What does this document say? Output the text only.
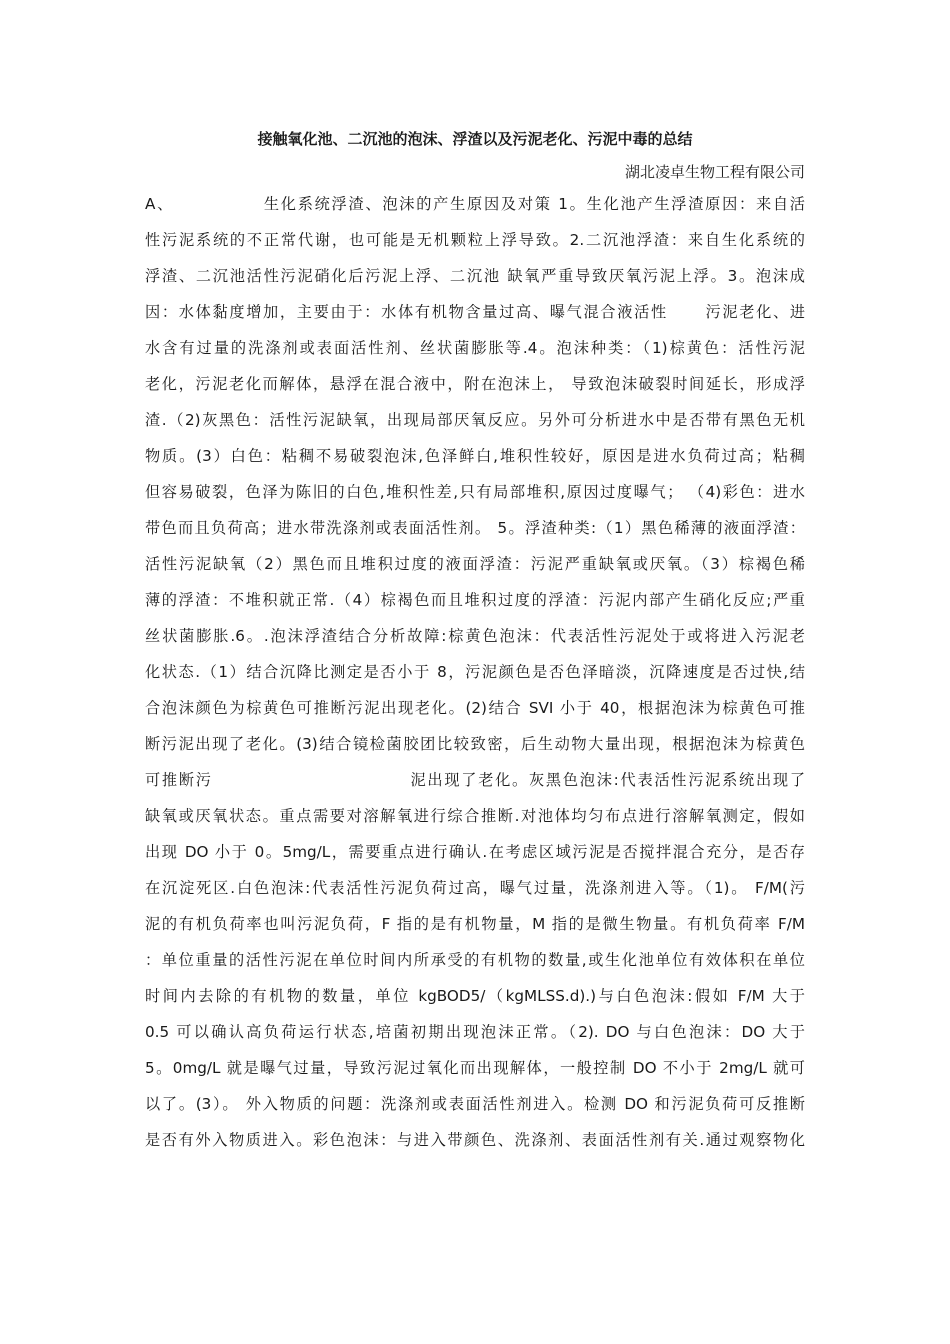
接触氧化池、二沉池的泡沫、浮渣以及污泥老化、污泥中毒的总结
湖北凌卓生物工程有限公司
A、	生化系统浮渣、泡沫的产生原因及对策 1。生化池产生浮渣原因：来自活
性污泥系统的不正常代谢，也可能是无机颗粒上浮导致。2.二沉池浮渣：来自生化系统的
浮渣、二沉池活性污泥硝化后污泥上浮、二沉池 缺氧严重导致厌氧污泥上浮。3。泡沫成
因：水体黏度增加，主要由于：水体有机物含量过高、曝气混合液活性 污泥老化、进
水含有过量的洗涤剂或表面活性剂、丝状菌膨胀等.4。泡沫种类：（1)棕黄色：活性污泥
老化，污泥老化而解体，悬浮在混合液中，附在泡沫上， 导致泡沫破裂时间延长，形成浮
渣.（2)灰黑色：活性污泥缺氧，出现局部厌氧反应。另外可分析进水中是否带有黑色无机
物质。(3）白色：粘稠不易破裂泡沫,色泽鲜白,堆积性较好，原因是进水负荷过高；粘稠
但容易破裂，色泽为陈旧的白色,堆积性差,只有局部堆积,原因过度曝气； （4)彩色：进水
带色而且负荷高；进水带洗涤剂或表面活性剂。 5。浮渣种类:（1）黑色稀薄的液面浮渣：
活性污泥缺氧（2）黑色而且堆积过度的液面浮渣：污泥严重缺氧或厌氧。（3）棕褐色稀
薄的浮渣：不堆积就正常.（4）棕褐色而且堆积过度的浮渣：污泥内部产生硝化反应;严重
丝状菌膨胀.6。.泡沫浮渣结合分析故障:棕黄色泡沫：代表活性污泥处于或将进入污泥老
化状态.（1）结合沉降比测定是否小于 8，污泥颜色是否色泽暗淡，沉降速度是否过快,结
合泡沫颜色为棕黄色可推断污泥出现老化。(2)结合 SVI 小于 40，根据泡沫为棕黄色可推
断污泥出现了老化。(3)结合镜检菌胶团比较致密，后生动物大量出现，根据泡沫为棕黄色
可推断污	泥出现了老化。灰黑色泡沫:代表活性污泥系统出现了
缺氧或厌氧状态。重点需要对溶解氧进行综合推断.对池体均匀布点进行溶解氧测定，假如
出现 DO 小于 0。5mg/L，需要重点进行确认.在考虑区域污泥是否搅拌混合充分，是否存
在沉淀死区.白色泡沫:代表活性污泥负荷过高，曝气过量，洗涤剂进入等。（1)。 F/M(污
泥的有机负荷率也叫污泥负荷，F 指的是有机物量，M 指的是微生物量。有机负荷率 F/M
：单位重量的活性污泥在单位时间内所承受的有机物的数量,或生化池单位有效体积在单位
时间内去除的有机物的数量，单位 kgBOD5/（kgMLSS.d).)与白色泡沫:假如 F/M 大于
0.5 可以确认高负荷运行状态,培菌初期出现泡沫正常。（2). DO 与白色泡沫：DO 大于
5。0mg/L 就是曝气过量，导致污泥过氧化而出现解体，一般控制 DO 不小于 2mg/L 就可
以了。(3）。 外入物质的问题：洗涤剂或表面活性剂进入。检测 DO 和污泥负荷可反推断
是否有外入物质进入。彩色泡沫：与进入带颜色、洗涤剂、表面活性剂有关.通过观察物化
